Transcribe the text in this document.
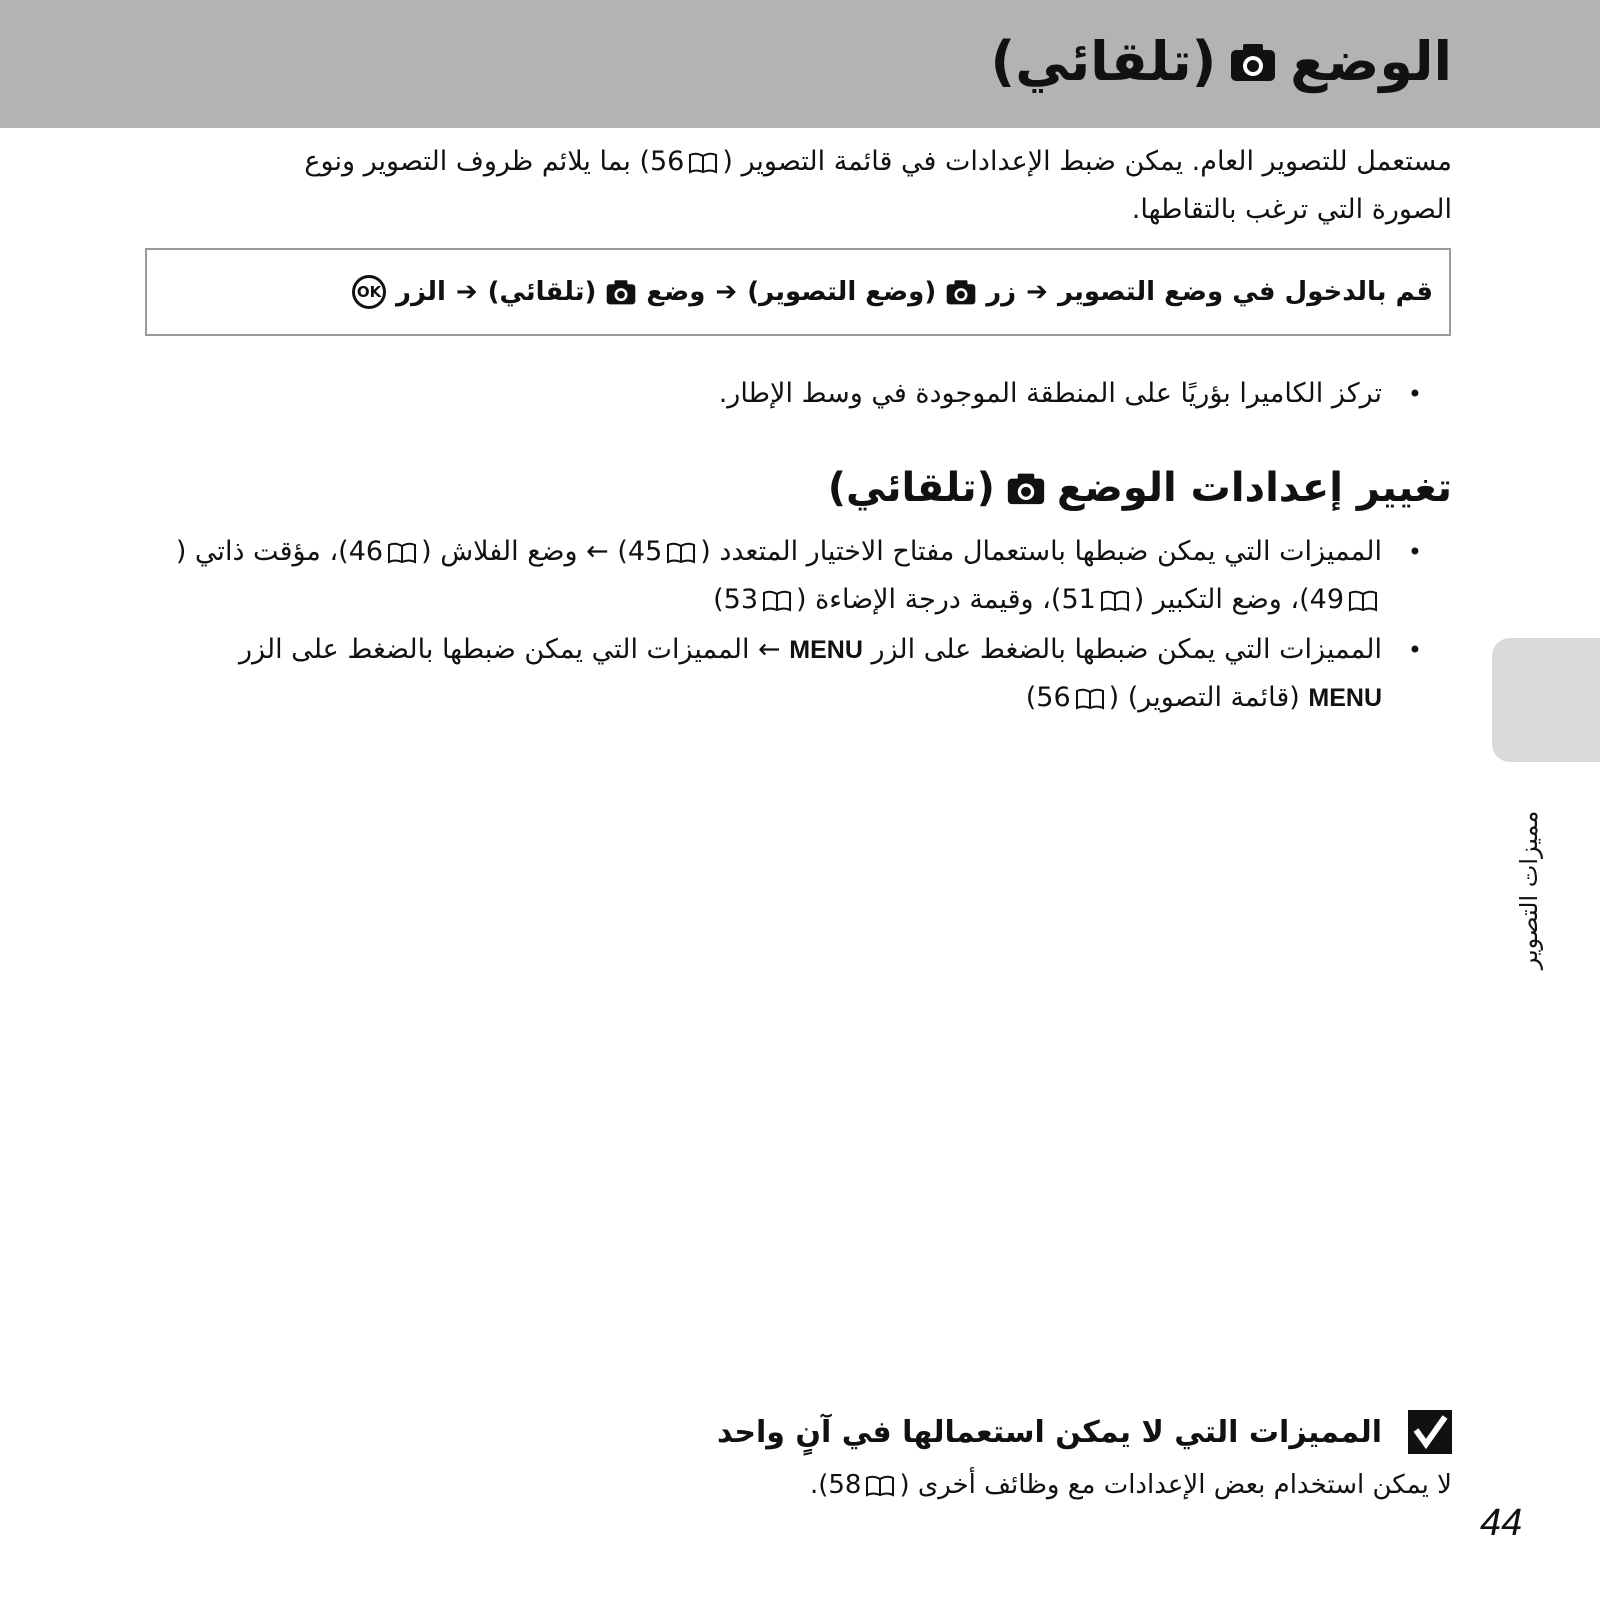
الوضع
(تلقائي)

مستعمل للتصوير العام. يمكن ضبط الإعدادات في قائمة التصوير (
56) بما يلائم ظروف التصوير ونوع الصورة التي ترغب بالتقاطها.

قم بالدخول في وضع التصوير
➔
زر
(وضع التصوير)
➔
وضع
(تلقائي)
➔
الزر
OK
• تركز الكاميرا بؤريًا على المنطقة الموجودة في وسط الإطار.
تغيير إعدادات الوضع
(تلقائي)
• المميزات التي يمكن ضبطها باستعمال مفتاح الاختيار المتعدد (
45) ← وضع الفلاش (
46)، مؤقت ذاتي (
49)، وضع التكبير (
51)، وقيمة درجة الإضاءة (
53)
• المميزات التي يمكن ضبطها بالضغط على الزر MENU ← المميزات التي يمكن ضبطها بالضغط على الزر MENU (قائمة التصوير) (
56)
مميزات التصوير
المميزات التي لا يمكن استعمالها في آنٍ واحد

لا يمكن استخدام بعض الإعدادات مع وظائف أخرى (
58).

44
